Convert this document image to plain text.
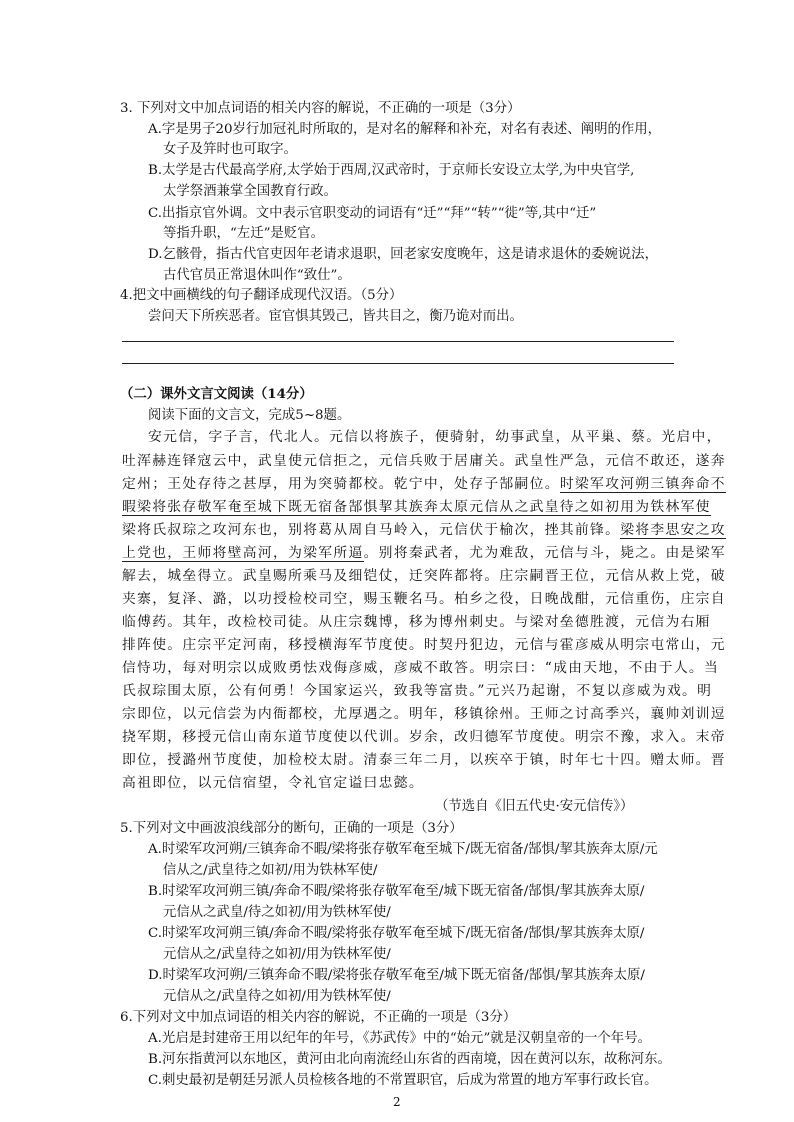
3. 下列对文中加点词语的相关内容的解说，不正确的一项是（3分）
A.字是男子20岁行加冠礼时所取的，是对名的解释和补充，对名有表述、阐明的作用，
女子及笄时也可取字。
B.太学是古代最高学府,太学始于西周,汉武帝时，于京师长安设立太学,为中央官学,
太学祭酒兼掌全国教育行政。
C.出指京官外调。文中表示官职变动的词语有“迁”“拜”“转”“徙”等,其中“迁”
等指升职，“左迁”是贬官。
D.乞骸骨，指古代官吏因年老请求退职，回老家安度晚年，这是请求退休的委婉说法，
古代官员正常退休叫作“致仕”。
4.把文中画横线的句子翻译成现代汉语。（5分）
尝问天下所疾恶者。宦官惧其毁己，皆共目之，衡乃诡对而出。
（二）课外文言文阅读（14分）
阅读下面的文言文，完成5~8题。
安元信，字子言，代北人。元信以将族子，便骑射，幼事武皇，从平巢、蔡。光启中，
吐浑赫连铎寇云中，武皇使元信拒之，元信兵败于居庸关。武皇性严急，元信不敢还，遂奔
定州；王处存待之甚厚，用为突骑都校。乾宁中，处存子郜嗣位。时梁军攻河朔三镇奔命不
暇梁将张存敬军奄至城下既无宿备郜惧挈其族奔太原元信从之武皇待之如初用为铁林军使
梁将氏叔琮之攻河东也，别将葛从周自马岭入，元信伏于榆次，挫其前锋。梁将李思安之攻
上党也，王师将壁高河，为梁军所逼。别将秦武者，尤为难敌，元信与斗，毙之。由是梁军
解去，城垒得立。武皇赐所乘马及细铠仗，迁突阵都将。庄宗嗣晋王位，元信从救上党，破
夹寨，复泽、潞，以功授检校司空，赐玉鞭名马。柏乡之役，日晚战酣，元信重伤，庄宗自
临傅药。其年，改检校司徒。从庄宗魏博，移为博州刺史。与梁对垒德胜渡，元信为右厢
排阵使。庄宗平定河南，移授横海军节度使。时契丹犯边，元信与霍彦威从明宗屯常山，元
信恃功，每对明宗以成败勇怯戏侮彦威，彦威不敢答。明宗曰：“成由天地，不由于人。当
氏叔琮围太原，公有何勇！今国家运兴，致我等富贵。”元兴乃起谢，不复以彦威为戏。明
宗即位，以元信尝为内衙都校，尤厚遇之。明年，移镇徐州。王师之讨高季兴，襄帅刘训逗
挠军期，移授元信山南东道节度使以代训。岁余，改归德军节度使。明宗不豫，求入。末帝
即位，授潞州节度使，加检校太尉。清泰三年二月，以疾卒于镇，时年七十四。赠太师。晋
高祖即位，以元信宿望，令礼官定谥曰忠懿。
（节选自《旧五代史·安元信传》）
5.下列对文中画波浪线部分的断句，正确的一项是（3分）
A.时梁军攻河朔/三镇奔命不暇/梁将张存敬军奄至城下/既无宿备/郜惧/挈其族奔太原/元
信从之/武皇待之如初/用为铁林军使/
B.时梁军攻河朔三镇/奔命不暇/梁将张存敬军奄至/城下既无宿备/郜惧/挈其族奔太原/
元信从之武皇/待之如初/用为铁林军使/
C.时梁军攻河朔三镇/奔命不暇/梁将张存敬军奄至城下/既无宿备/郜惧/挈其族奔太原/
元信从之/武皇待之如初/用为铁林军使/
D.时梁军攻河朔/三镇奔命不暇/梁将张存敬军奄至/城下既无宿备/郜惧/挈其族奔太原/
元信从之/武皇待之如初/用为铁林军使/
6.下列对文中加点词语的相关内容的解说，不正确的一项是（3分）
A.光启是封建帝王用以纪年的年号，《苏武传》中的“始元”就是汉朝皇帝的一个年号。
B.河东指黄河以东地区，黄河由北向南流经山东省的西南境，因在黄河以东，故称河东。
C.刺史最初是朝廷另派人员检核各地的不常置职官，后成为常置的地方军事行政长官。
2
